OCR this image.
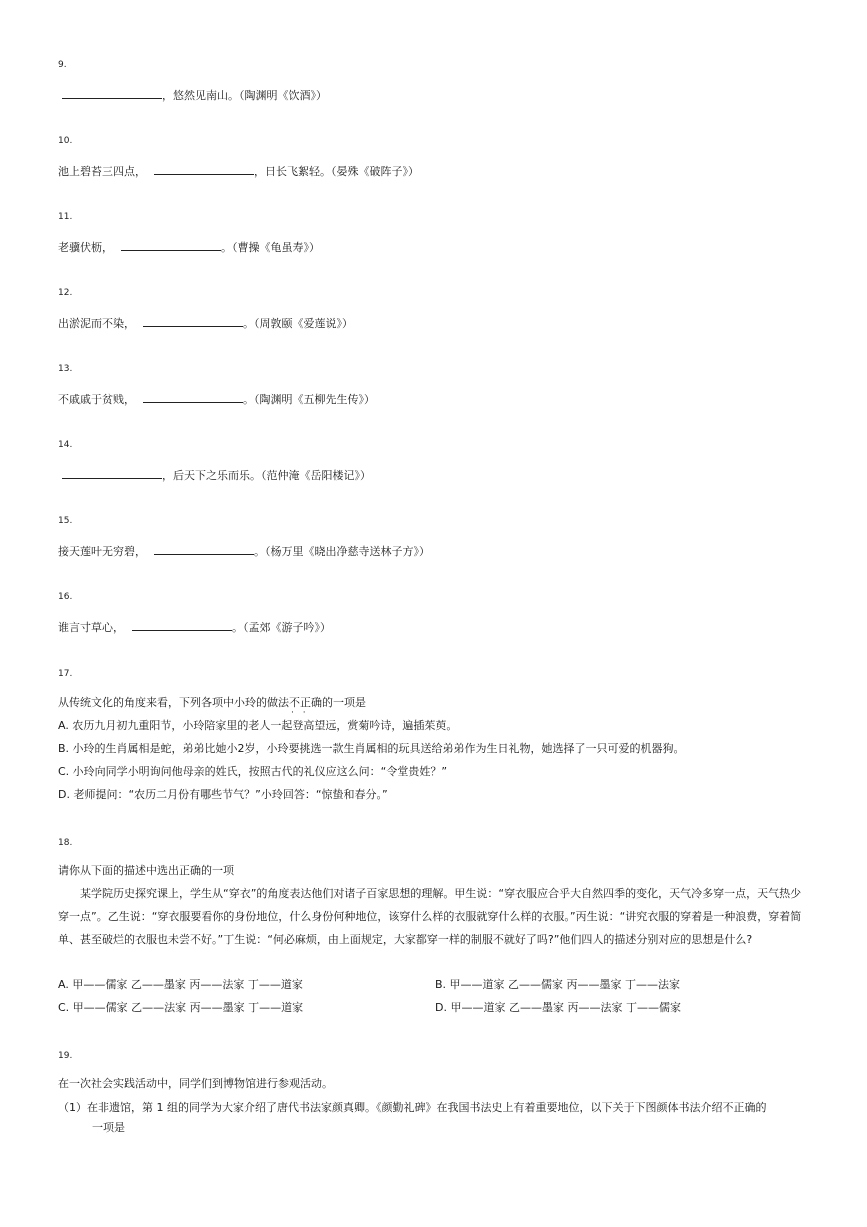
9.
，悠然见南山。（陶渊明《饮酒》）
10.
池上碧苔三四点，	，日长飞絮轻。（晏殊《破阵子》）
11.
老骥伏枥，	。（曹操《龟虽寿》）
12.
出淤泥而不染，	。（周敦颐《爱莲说》）
13.
不戚戚于贫贱，	。（陶渊明《五柳先生传》）
14.
，后天下之乐而乐。（范仲淹《岳阳楼记》）
15.
接天莲叶无穷碧，	。（杨万里《晓出净慈寺送林子方》）
16.
谁言寸草心，	。（孟郊《游子吟》）
17.
从传统文化的角度来看，下列各项中小玲的做法不正确 · ·的一项是
A. 农历九月初九重阳节，小玲陪家里的老人一起登高望远，赏菊吟诗，遍插茱萸。
B. 小玲的生肖属相是蛇，弟弟比她小2岁，小玲要挑选一款生肖属相的玩具送给弟弟作为生日礼物，她选择了一只可爱的机器狗。
C. 小玲向同学小明询问他母亲的姓氏，按照古代的礼仪应这么问：“令堂贵姓？”
D. 老师提问：“农历二月份有哪些节气？”小玲回答：“惊蛰和春分。”
18.
请你从下面的描述中选出正确的一项
某学院历史探究课上，学生从“穿衣”的角度表达他们对诸子百家思想的理解。甲生说：“穿衣服应合乎大自然四季的变化，天气冷多穿一点，天气热少穿一点”。乙生说：“穿衣服要看你的身份地位，什么身份何种地位，该穿什么样的衣服就穿什么样的衣服。”丙生说：“讲究衣服的穿着是一种浪费，穿着简单、甚至破烂的衣服也未尝不好。”丁生说：“何必麻烦，由上面规定，大家都穿一样的制服不就好了吗?”他们四人的描述分别对应的思想是什么?
A. 甲——儒家 乙——墨家 丙——法家 丁——道家	B. 甲——道家 乙——儒家 丙——墨家 丁——法家
C. 甲——儒家 乙——法家 丙——墨家 丁——道家	D. 甲——道家 乙——墨家 丙——法家 丁——儒家
19.
在一次社会实践活动中，同学们到博物馆进行参观活动。
（1）在非遗馆，第 1 组的同学为大家介绍了唐代书法家颜真卿。《颜勤礼碑》在我国书法史上有着重要地位，以下关于下图颜体书法介绍不正确的
一项是
